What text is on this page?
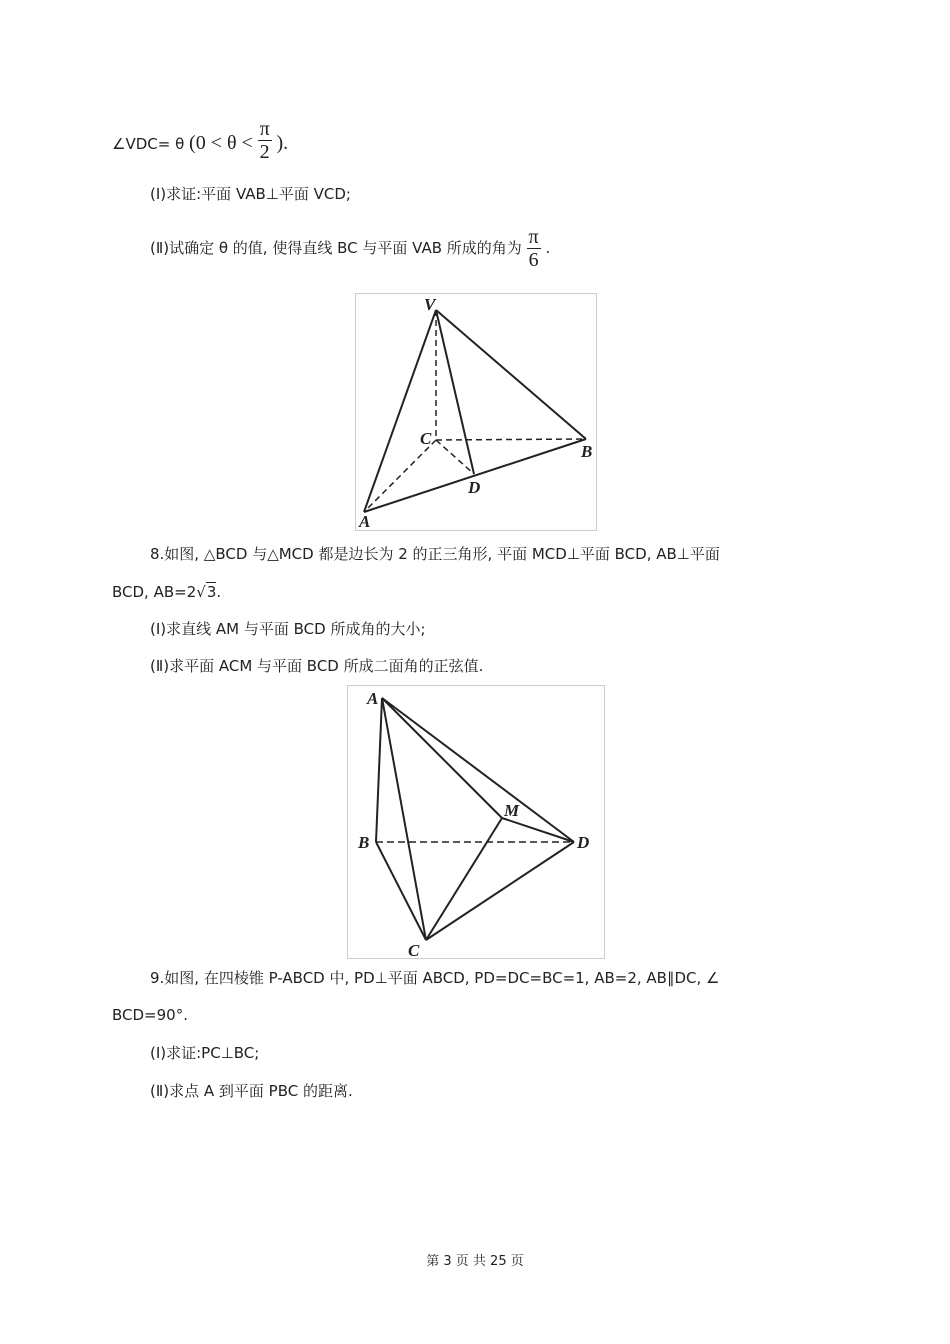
∠VDC= θ ($0 < \theta < \frac{\pi}{2}$ ).
(Ⅰ)求证:平面 VAB⊥平面 VCD;
(Ⅱ)试确定 θ 的值, 使得直线 BC 与平面 VAB 所成的角为 $\frac{\pi}{6}$ .
V
C
B
D
A
8.如图, △BCD 与△MCD 都是边长为 2 的正三角形, 平面 MCD⊥平面 BCD, AB⊥平面
BCD, AB=2√3.
(Ⅰ)求直线 AM 与平面 BCD 所成角的大小;
(Ⅱ)求平面 ACM 与平面 BCD 所成二面角的正弦值.
A
M
B	D
C
9.如图, 在四棱锥 P-ABCD 中, PD⊥平面 ABCD, PD=DC=BC=1, AB=2, AB∥DC, ∠
BCD=90°.
(Ⅰ)求证:PC⊥BC;
(Ⅱ)求点 A 到平面 PBC 的距离.
第 3 页 共 25 页
